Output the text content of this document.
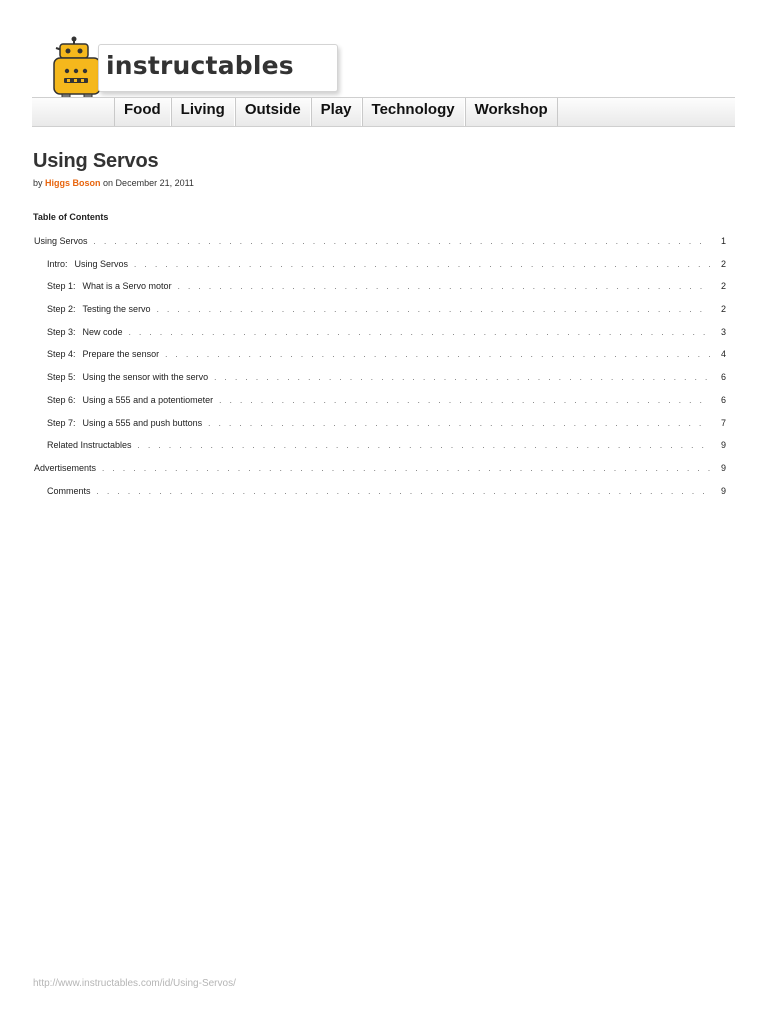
instructables
Food	Living	Outside	Play	Technology	Workshop
Using Servos
by Higgs Boson on December 21, 2011
Table of Contents
Using Servos . . .	1
Intro: Using Servos . . .	2
Step 1: What is a Servo motor . . .	2
Step 2: Testing the servo . . .	2
Step 3: New code . . .	3
Step 4: Prepare the sensor . . .	4
Step 5: Using the sensor with the servo . . .	6
Step 6: Using a 555 and a potentiometer . . .	6
Step 7: Using a 555 and push buttons . . .	7
Related Instructables . . .	9
Advertisements . . .	9
Comments . . .	9
http://www.instructables.com/id/Using-Servos/
